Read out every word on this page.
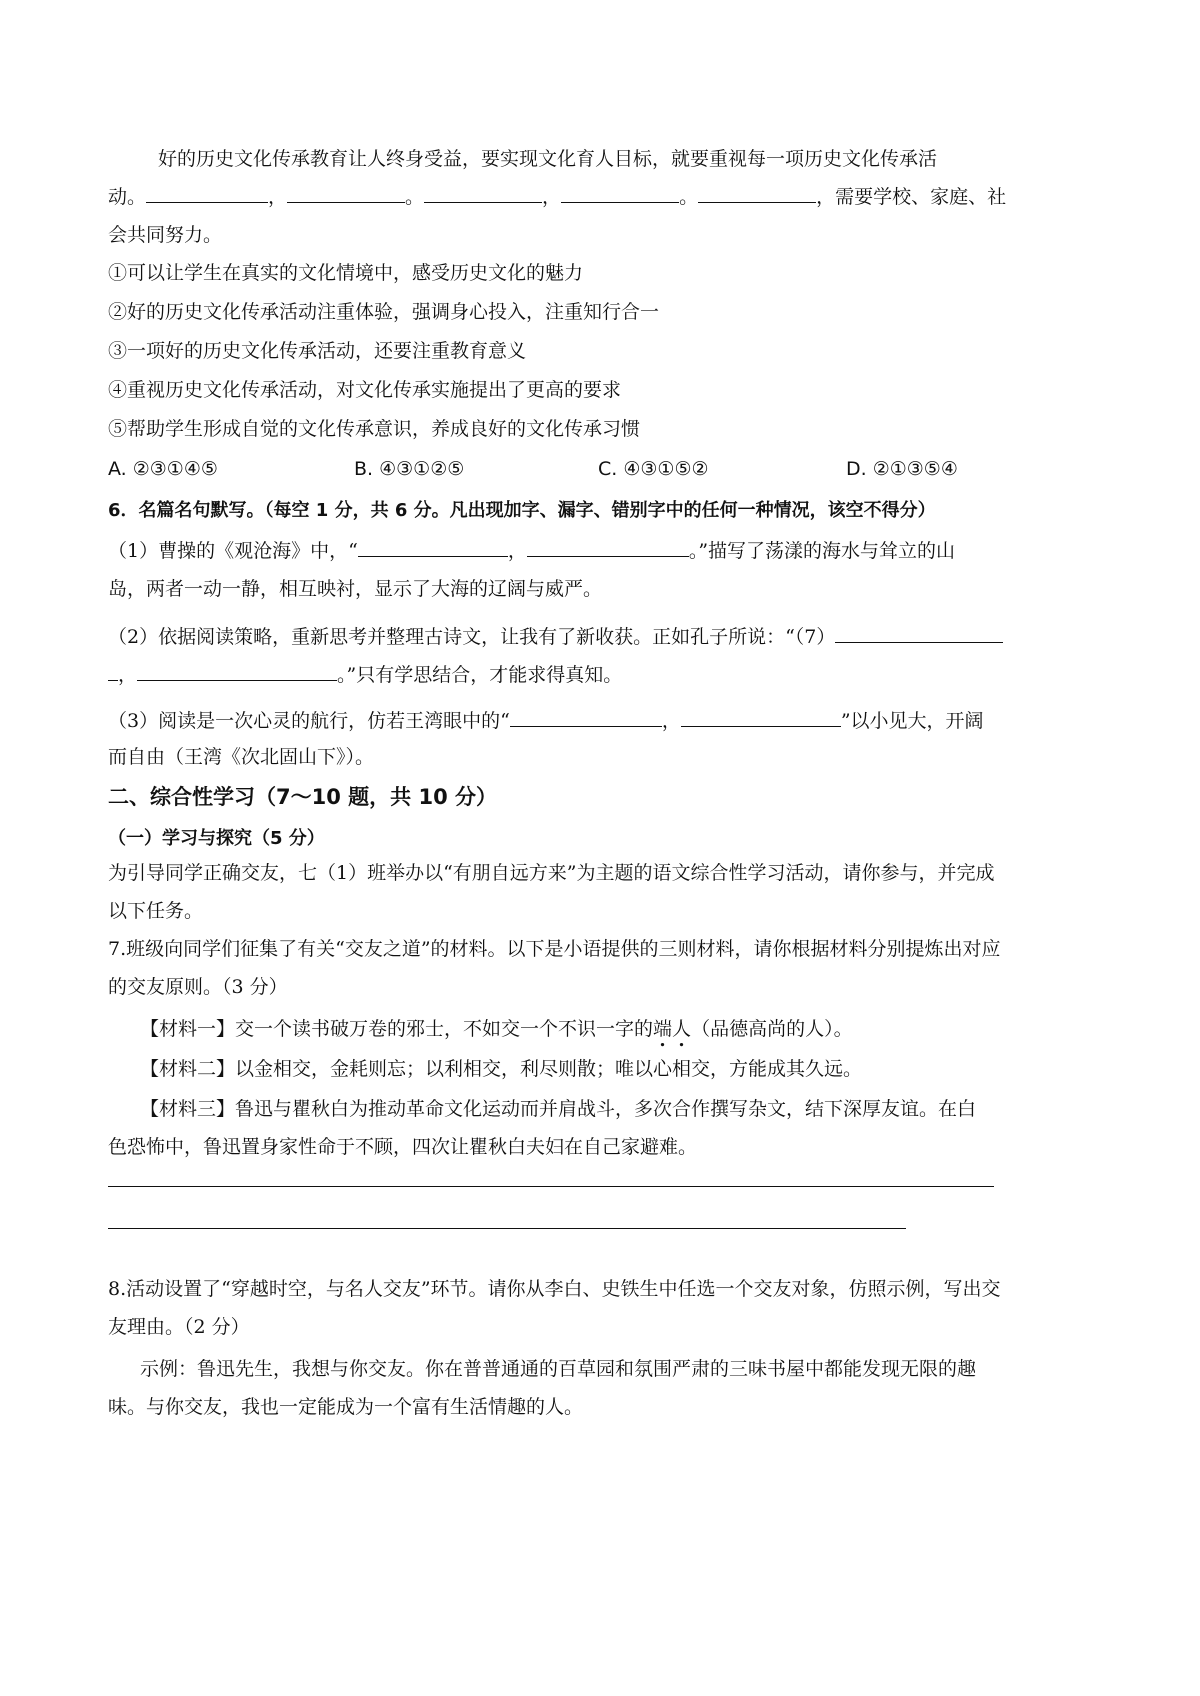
好的历史文化传承教育让人终身受益，要实现文化育人目标，就要重视每一项历史文化传承活
动。	，	。	，	。	，需要学校、家庭、社
会共同努力。
①可以让学生在真实的文化情境中，感受历史文化的魅力
②好的历史文化传承活动注重体验，强调身心投入，注重知行合一
③一项好的历史文化传承活动，还要注重教育意义
④重视历史文化传承活动，对文化传承实施提出了更高的要求
⑤帮助学生形成自觉的文化传承意识，养成良好的文化传承习惯
A. ②③①④⑤	B. ④③①②⑤	C. ④③①⑤②	D. ②①③⑤④
6．名篇名句默写。（每空 1 分，共 6 分。凡出现加字、漏字、错别字中的任何一种情况，该空不得分）
（1）曹操的《观沧海》中，“	，	。”描写了荡漾的海水与耸立的山
岛，两者一动一静，相互映衬，显示了大海的辽阔与威严。
（2）依据阅读策略，重新思考并整理古诗文，让我有了新收获。正如孔子所说：“（7）
，	。”只有学思结合，才能求得真知。
（3）阅读是一次心灵的航行，仿若王湾眼中的“	，	”以小见大，开阔
而自由（王湾《次北固山下》）。
二、综合性学习（7～10 题，共 10 分）
（一）学习与探究（5 分）
为引导同学正确交友，七（1）班举办以“有朋自远方来”为主题的语文综合性学习活动，请你参与，并完成
以下任务。
7.班级向同学们征集了有关“交友之道”的材料。以下是小语提供的三则材料，请你根据材料分别提炼出对应
的交友原则。（3 分）
【材料一】交一个读书破万卷的邪士，不如交一个不识一字的端人（品德高尚的人）。
【材料二】以金相交，金耗则忘；以利相交，利尽则散；唯以心相交，方能成其久远。
【材料三】鲁迅与瞿秋白为推动革命文化运动而并肩战斗，多次合作撰写杂文，结下深厚友谊。在白
色恐怖中，鲁迅置身家性命于不顾，四次让瞿秋白夫妇在自己家避难。
8.活动设置了“穿越时空，与名人交友”环节。请你从李白、史铁生中任选一个交友对象，仿照示例，写出交
友理由。（2 分）
示例：鲁迅先生，我想与你交友。你在普普通通的百草园和氛围严肃的三味书屋中都能发现无限的趣
味。与你交友，我也一定能成为一个富有生活情趣的人。
